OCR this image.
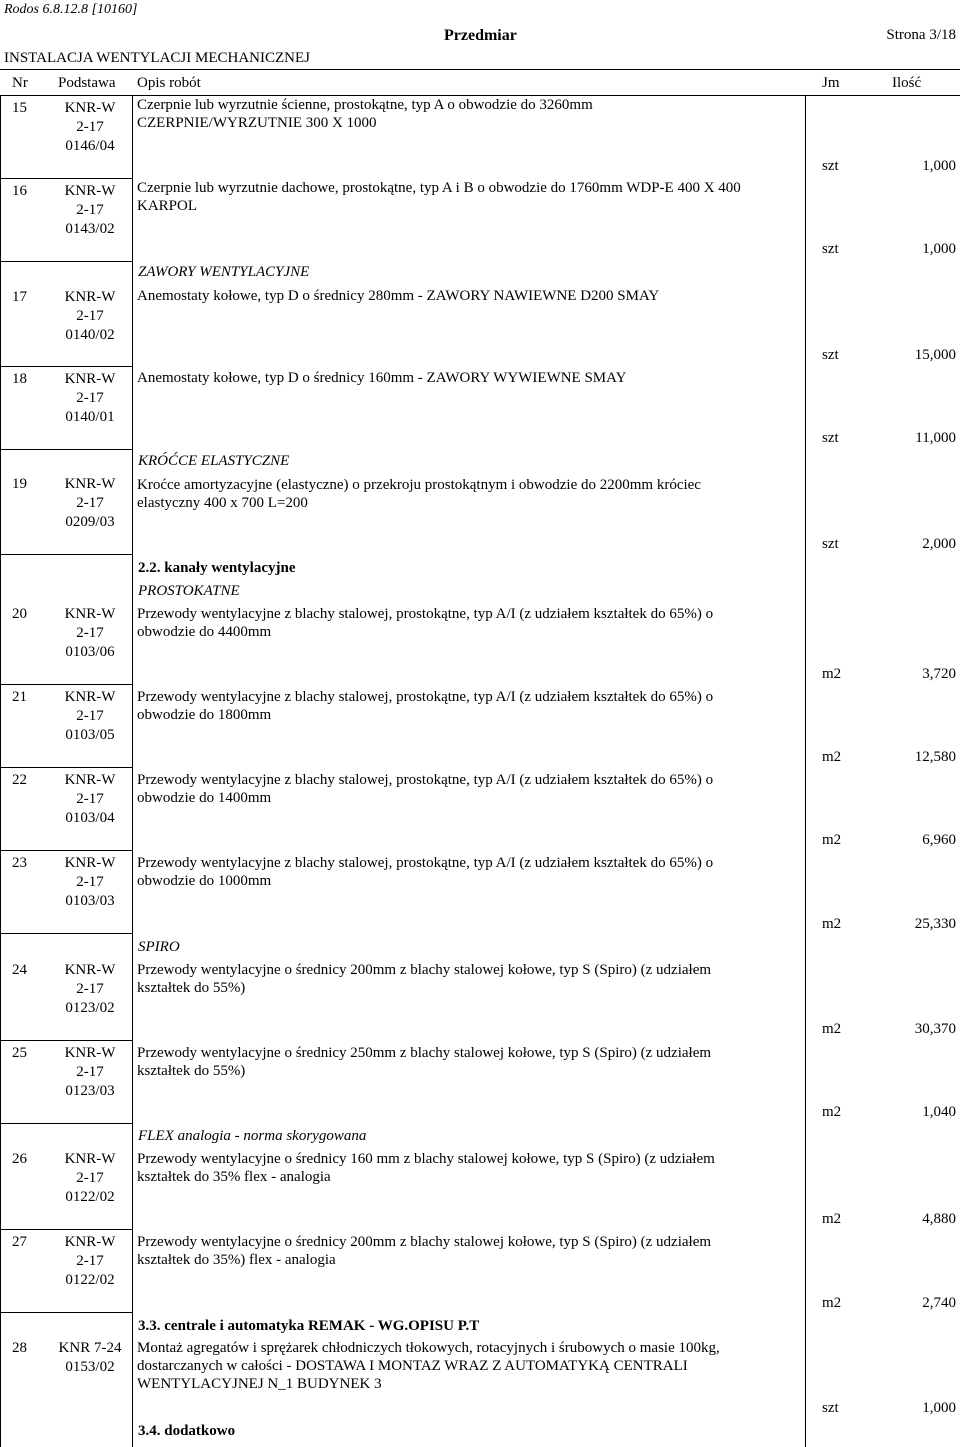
Rodos 6.8.12.8 [10160]
Przedmiar	Strona 3/18
INSTALACJA WENTYLACJI MECHANICZNEJ
Nr Podstawa Opis robót	Jm	Ilość
ZAWORY WENTYLACYJNE
KRÓĆCE ELASTYCZNE
2.2. kanały wentylacyjne
PROSTOKATNE
SPIRO
FLEX analogia - norma skorygowana
3.3. centrale i automatyka REMAK - WG.OPISU P.T
3.4. dodatkowo
15	KNR-W
2-17
0146/04
Czerpnie lub wyrzutnie ścienne, prostokątne, typ A o obwodzie do 3260mm
CZERPNIE/WYRZUTNIE 300 X 1000
szt	1,000
16	KNR-W
2-17
0143/02
Czerpnie lub wyrzutnie dachowe, prostokątne, typ A i B o obwodzie do 1760mm WDP-E 400 X 400
KARPOL
szt	1,000
17	KNR-W
2-17
0140/02
Anemostaty kołowe, typ D o średnicy 280mm - ZAWORY NAWIEWNE D200 SMAY
szt	15,000
18	KNR-W
2-17
0140/01
Anemostaty kołowe, typ D o średnicy 160mm - ZAWORY WYWIEWNE SMAY
szt	11,000
19	KNR-W
2-17
0209/03
Kroćce amortyzacyjne (elastyczne) o przekroju prostokątnym i obwodzie do 2200mm króciec
elastyczny 400 x 700 L=200
szt	2,000
20	KNR-W
2-17
0103/06
Przewody wentylacyjne z blachy stalowej, prostokątne, typ A/I (z udziałem kształtek do 65%) o
obwodzie do 4400mm
m2	3,720
21	KNR-W
2-17
0103/05
Przewody wentylacyjne z blachy stalowej, prostokątne, typ A/I (z udziałem kształtek do 65%) o
obwodzie do 1800mm
m2	12,580
22	KNR-W
2-17
0103/04
Przewody wentylacyjne z blachy stalowej, prostokątne, typ A/I (z udziałem kształtek do 65%) o
obwodzie do 1400mm
m2	6,960
23	KNR-W
2-17
0103/03
Przewody wentylacyjne z blachy stalowej, prostokątne, typ A/I (z udziałem kształtek do 65%) o
obwodzie do 1000mm
m2	25,330
24	KNR-W
2-17
0123/02
Przewody wentylacyjne o średnicy 200mm z blachy stalowej kołowe, typ S (Spiro) (z udziałem
kształtek do 55%)
m2	30,370
25	KNR-W
2-17
0123/03
Przewody wentylacyjne o średnicy 250mm z blachy stalowej kołowe, typ S (Spiro) (z udziałem
kształtek do 55%)
m2	1,040
26	KNR-W
2-17
0122/02
Przewody wentylacyjne o średnicy 160 mm z blachy stalowej kołowe, typ S (Spiro) (z udziałem
kształtek do 35% flex - analogia
m2	4,880
27	KNR-W
2-17
0122/02
Przewody wentylacyjne o średnicy 200mm z blachy stalowej kołowe, typ S (Spiro) (z udziałem
kształtek do 35%) flex - analogia
m2	2,740
28	KNR 7-24
0153/02
Montaż agregatów i sprężarek chłodniczych tłokowych, rotacyjnych i śrubowych o masie 100kg,
dostarczanych w całości - DOSTAWA I MONTAZ WRAZ Z AUTOMATYKĄ CENTRALI
WENTYLACYJNEJ N_1 BUDYNEK 3
szt	1,000
